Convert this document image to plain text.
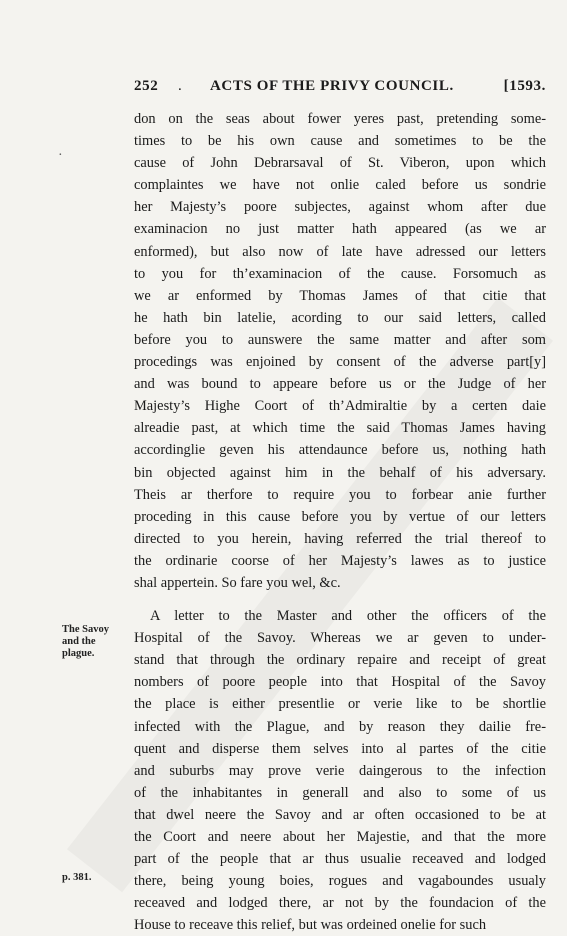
252 . ACTS OF THE PRIVY COUNCIL.	[1593.
·
don on the seas about fower yeres past, pretending some-
times to be his own cause and sometimes to be the
cause of John Debrarsaval of St. Viberon, upon which
complaintes we have not onlie caled before us sondrie
her Majesty’s poore subjectes, against whom after due
examinacion no just matter hath appeared (as we ar
enformed), but also now of late have adressed our letters
to you for th’examinacion of the cause. Forsomuch as
we ar enformed by Thomas James of that citie that
he hath bin latelie, acording to our said letters, called
before you to aunswere the same matter and after som
procedings was enjoined by consent of the adverse part[y]
and was bound to appeare before us or the Judge of her
Majesty’s Highe Coort of th’Admiraltie by a certen daie
alreadie past, at which time the said Thomas James having
accordinglie geven his attendaunce before us, nothing hath
bin objected against him in the behalf of his adversary.
Theis ar therfore to require you to forbear anie further
proceding in this cause before you by vertue of our letters
directed to you herein, having referred the trial thereof to
the ordinarie coorse of her Majesty’s lawes as to justice
shal appertein. So fare you wel, &c.
A letter to the Master and other the officers of the
Hospital of the Savoy. Whereas we ar geven to under-
stand that through the ordinary repaire and receipt of great
nombers of poore people into that Hospital of the Savoy
the place is either presentlie or verie like to be shortlie
infected with the Plague, and by reason they dailie fre-
quent and disperse them selves into al partes of the citie
and suburbs may prove verie daingerous to the infection
of the inhabitantes in generall and also to some of us
that dwel neere the Savoy and ar often occasioned to be at
the Coort and neere about her Majestie, and that the more
part of the people that ar thus usualie receaved and lodged
there, being young boies, rogues and vagaboundes usualy
receaved and lodged there, ar not by the foundacion of the
House to receave this relief, but was ordeined onelie for such
The Savoy
and the
plague.
p. 381.
